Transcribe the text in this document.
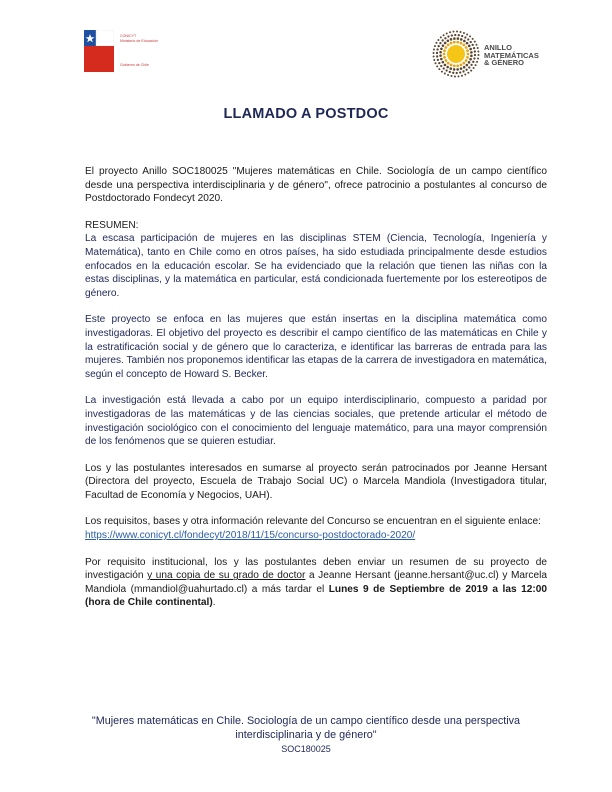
CONICYT
Ministerio de Educación
Gobierno de Chile
ANILLO
MATEMÁTICAS
& GÉNERO
LLAMADO A POSTDOC

El proyecto Anillo SOC180025 "Mujeres matemáticas en Chile. Sociología de un campo científico desde una perspectiva interdisciplinaria y de género", ofrece patrocinio a postulantes al concurso de Postdoctorado Fondecyt 2020.

RESUMEN:

La escasa participación de mujeres en las disciplinas STEM (Ciencia, Tecnología, Ingeniería y Matemática), tanto en Chile como en otros países, ha sido estudiada principalmente desde estudios enfocados en la educación escolar. Se ha evidenciado que la relación que tienen las niñas con la estas disciplinas, y la matemática en particular, está condicionada fuertemente por los estereotipos de género.

Este proyecto se enfoca en las mujeres que están insertas en la disciplina matemática como investigadoras. El objetivo del proyecto es describir el campo científico de las matemáticas en Chile y la estratificación social y de género que lo caracteriza, e identificar las barreras de entrada para las mujeres. También nos proponemos identificar las etapas de la carrera de investigadora en matemática, según el concepto de Howard S. Becker.

La investigación está llevada a cabo por un equipo interdisciplinario, compuesto a paridad por investigadoras de las matemáticas y de las ciencias sociales, que pretende articular el método de investigación sociológico con el conocimiento del lenguaje matemático, para una mayor comprensión de los fenómenos que se quieren estudiar.

Los y las postulantes interesados en sumarse al proyecto serán patrocinados por Jeanne Hersant (Directora del proyecto, Escuela de Trabajo Social UC) o Marcela Mandiola (Investigadora titular, Facultad de Economía y Negocios, UAH).

Los requisitos, bases y otra información relevante del Concurso se encuentran en el siguiente enlace:
https://www.conicyt.cl/fondecyt/2018/11/15/concurso-postdoctorado-2020/

Por requisito institucional, los y las postulantes deben enviar un resumen de su proyecto de investigación y una copia de su grado de doctor a Jeanne Hersant (jeanne.hersant@uc.cl) y Marcela Mandiola (mmandiol@uahurtado.cl) a más tardar el Lunes 9 de Septiembre de 2019 a las 12:00 (hora de Chile continental).

"Mujeres matemáticas en Chile. Sociología de un campo científico desde una perspectiva interdisciplinaria y de género"
SOC180025
